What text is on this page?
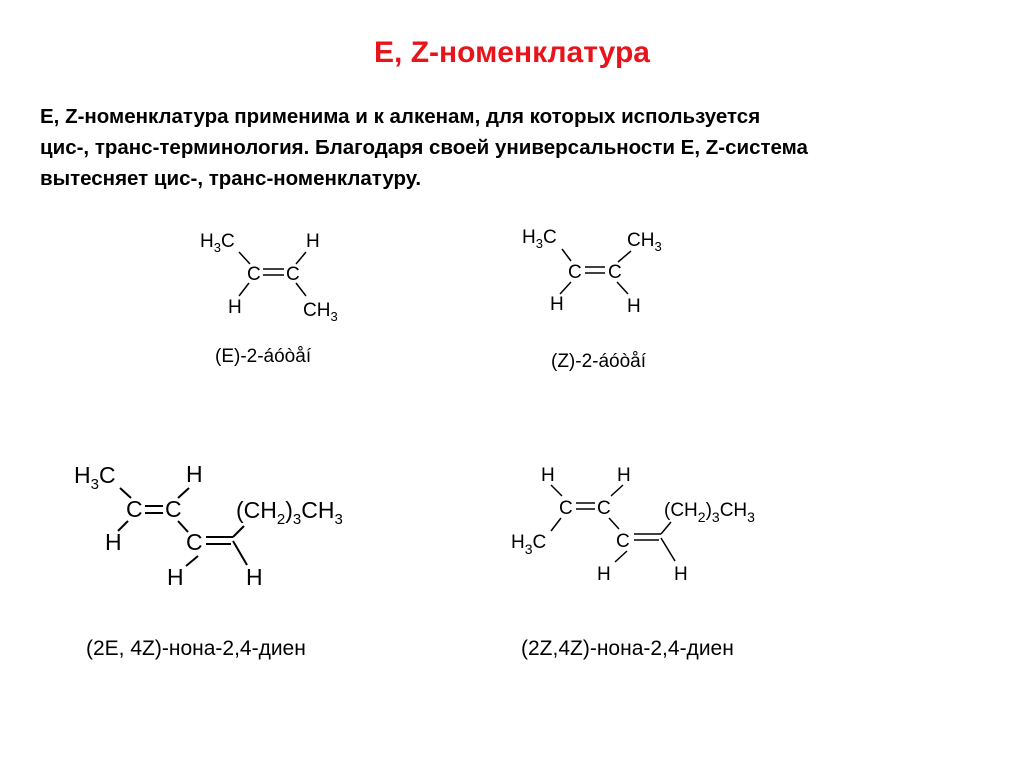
E, Z-номенклатура
E, Z-номенклатура применима и к алкенам, для которых используется
цис-, транс-терминология. Благодаря своей универсальности E, Z-система
вытесняет цис-, транс-номенклатуру.
$H_3C$	H
C C
H	$CH_3$
$H_3C$	$CH_3$
C C
H	H
$H_3C$	H
C C $(CH_2)_3CH_3$
H	C
H	H
H	H
C C	$(CH_2)_3CH_3$
$H_3C$	C
H	H
(E)-2-áóòåí	(Z)-2-áóòåí
(2E, 4Z)-нона-2,4-диен	(2Z,4Z)-нона-2,4-диен
